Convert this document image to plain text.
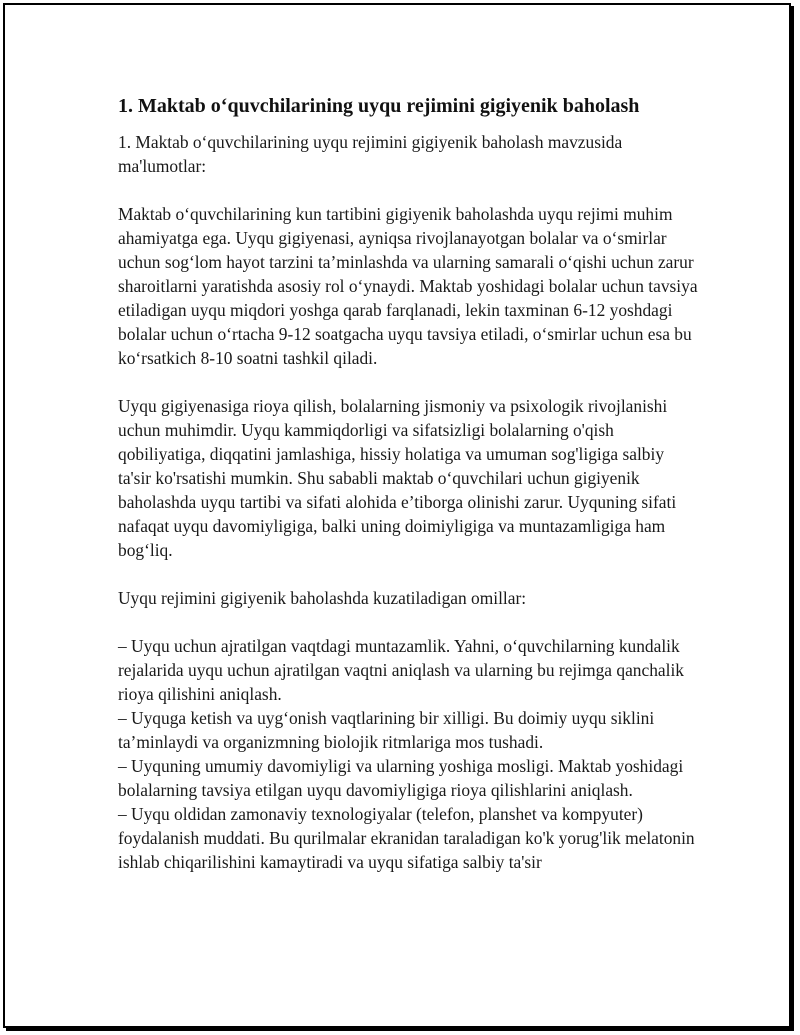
1. Maktab o‘quvchilarining uyqu rejimini gigiyenik baholash

1. Maktab o‘quvchilarining uyqu rejimini gigiyenik baholash mavzusida ma'lumotlar:

Maktab o‘quvchilarining kun tartibini gigiyenik baholashda uyqu rejimi muhim ahamiyatga ega. Uyqu gigiyenasi, ayniqsa rivojlanayotgan bolalar va o‘smirlar uchun sog‘lom hayot tarzini ta’minlashda va ularning samarali o‘qishi uchun zarur sharoitlarni yaratishda asosiy rol o‘ynaydi. Maktab yoshidagi bolalar uchun tavsiya etiladigan uyqu miqdori yoshga qarab farqlanadi, lekin taxminan 6-12 yoshdagi bolalar uchun o‘rtacha 9-12 soatgacha uyqu tavsiya etiladi, o‘smirlar uchun esa bu ko‘rsatkich 8-10 soatni tashkil qiladi.

Uyqu gigiyenasiga rioya qilish, bolalarning jismoniy va psixologik rivojlanishi uchun muhimdir. Uyqu kammiqdorligi va sifatsizligi bolalarning o'qish qobiliyatiga, diqqatini jamlashiga, hissiy holatiga va umuman sog'ligiga salbiy ta'sir ko'rsatishi mumkin. Shu sababli maktab o‘quvchilari uchun gigiyenik baholashda uyqu tartibi va sifati alohida e’tiborga olinishi zarur. Uyquning sifati nafaqat uyqu davomiyligiga, balki uning doimiyligiga va muntazamligiga ham bog‘liq.

Uyqu rejimini gigiyenik baholashda kuzatiladigan omillar:

– Uyqu uchun ajratilgan vaqtdagi muntazamlik. Yahni, o‘quvchilarning kundalik rejalarida uyqu uchun ajratilgan vaqtni aniqlash va ularning bu rejimga qanchalik rioya qilishini aniqlash.

– Uyquga ketish va uyg‘onish vaqtlarining bir xilligi. Bu doimiy uyqu siklini ta’minlaydi va organizmning biolojik ritmlariga mos tushadi.

– Uyquning umumiy davomiyligi va ularning yoshiga mosligi. Maktab yoshidagi bolalarning tavsiya etilgan uyqu davomiyligiga rioya qilishlarini aniqlash.

– Uyqu oldidan zamonaviy texnologiyalar (telefon, planshet va kompyuter) foydalanish muddati. Bu qurilmalar ekranidan taraladigan ko'k yorug'lik melatonin ishlab chiqarilishini kamaytiradi va uyqu sifatiga salbiy ta'sir
